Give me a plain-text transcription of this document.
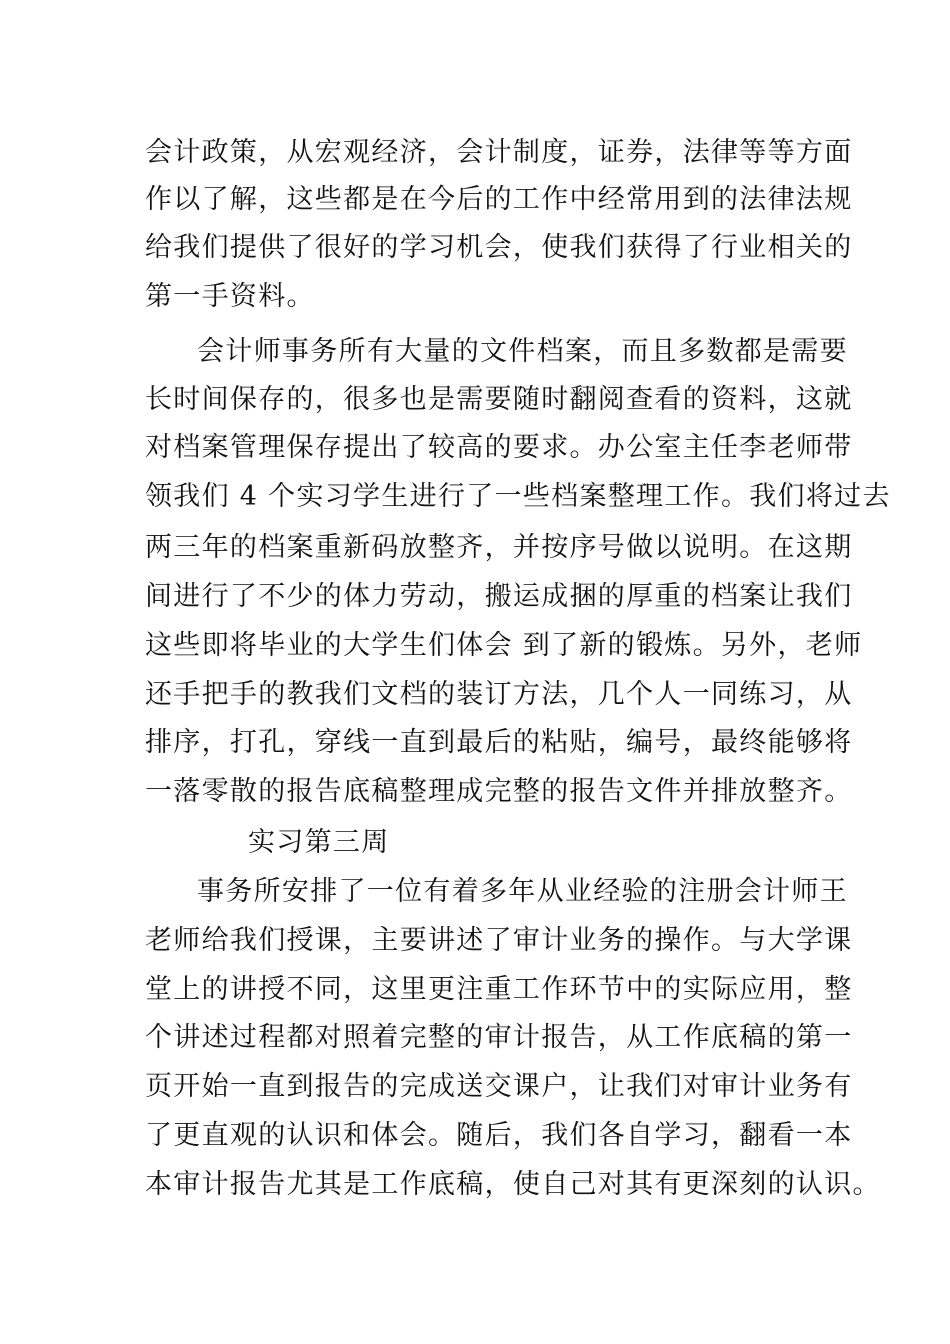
会计政策，从宏观经济，会计制度，证券，法律等等方面
作以了解，这些都是在今后的工作中经常用到的法律法规
给我们提供了很好的学习机会，使我们获得了行业相关的
第一手资料。
会计师事务所有大量的文件档案，而且多数都是需要
长时间保存的，很多也是需要随时翻阅查看的资料，这就
对档案管理保存提出了较高的要求。办公室主任李老师带
领我们 4 个实习学生进行了一些档案整理工作。我们将过去
两三年的档案重新码放整齐，并按序号做以说明。在这期
间进行了不少的体力劳动，搬运成捆的厚重的档案让我们
这些即将毕业的大学生们体会 到了新的锻炼。另外，老师
还手把手的教我们文档的装订方法，几个人一同练习，从
排序，打孔，穿线一直到最后的粘贴，编号，最终能够将
一落零散的报告底稿整理成完整的报告文件并排放整齐。
实习第三周
事务所安排了一位有着多年从业经验的注册会计师王
老师给我们授课，主要讲述了审计业务的操作。与大学课
堂上的讲授不同，这里更注重工作环节中的实际应用，整
个讲述过程都对照着完整的审计报告，从工作底稿的第一
页开始一直到报告的完成送交课户，让我们对审计业务有
了更直观的认识和体会。随后，我们各自学习，翻看一本
本审计报告尤其是工作底稿，使自己对其有更深刻的认识。
